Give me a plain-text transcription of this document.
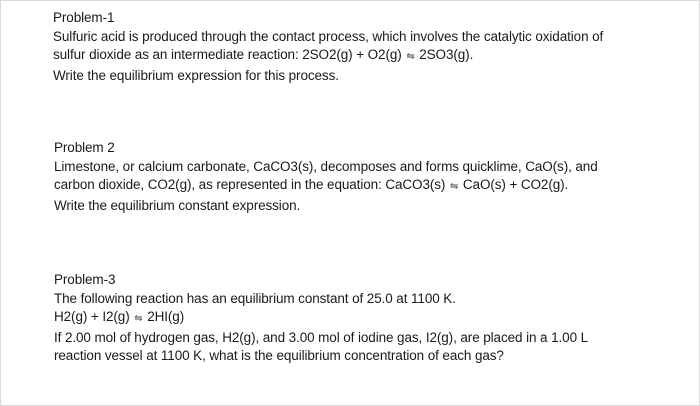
Problem-1
Sulfuric acid is produced through the contact process, which involves the catalytic oxidation of
sulfur dioxide as an intermediate reaction: 2SO2(g) + O2(g) ⇋ 2SO3(g).
Write the equilibrium expression for this process.
Problem 2
Limestone, or calcium carbonate, CaCO3(s), decomposes and forms quicklime, CaO(s), and
carbon dioxide, CO2(g), as represented in the equation: CaCO3(s) ⇋ CaO(s) + CO2(g).
Write the equilibrium constant expression.
Problem-3
The following reaction has an equilibrium constant of 25.0 at 1100 K.
H2(g) + I2(g) ⇋ 2HI(g)
If 2.00 mol of hydrogen gas, H2(g), and 3.00 mol of iodine gas, I2(g), are placed in a 1.00 L
reaction vessel at 1100 K, what is the equilibrium concentration of each gas?
